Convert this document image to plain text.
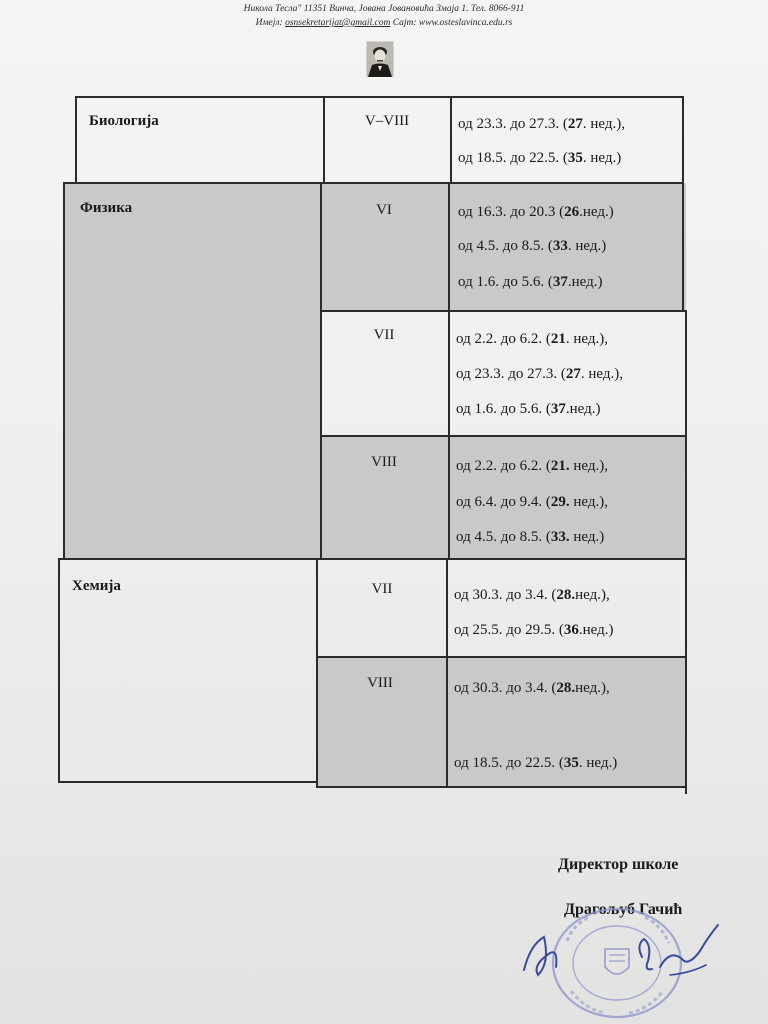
Никола Тесла" 11351 Винча, Јована Јовановића Змаја 1. Тел. 8066-911
Имејл: osnsekretarijat@gmail.com Сајт: www.osteslavinca.edu.rs
Биологија	V–VIII	од 23.3. до 27.3. (27. нед.),
од 18.5. до 22.5. (35. нед.)
Физика	VI	од 16.3. до 20.3 (26.нед.)
од 4.5. до 8.5. (33. нед.)
од 1.6. до 5.6. (37.нед.)
VII	од 2.2. до 6.2. (21. нед.),
од 23.3. до 27.3. (27. нед.),
од 1.6. до 5.6. (37.нед.)
VIII	од 2.2. до 6.2. (21. нед.),
од 6.4. до 9.4. (29. нед.),
од 4.5. до 8.5. (33. нед.)
Хемија	VII	од 30.3. до 3.4. (28.нед.),
од 25.5. до 29.5. (36.нед.)
VIII	од 30.3. до 3.4. (28.нед.),
од 18.5. до 22.5. (35. нед.)
Директор школе
Драгољуб Гачић
